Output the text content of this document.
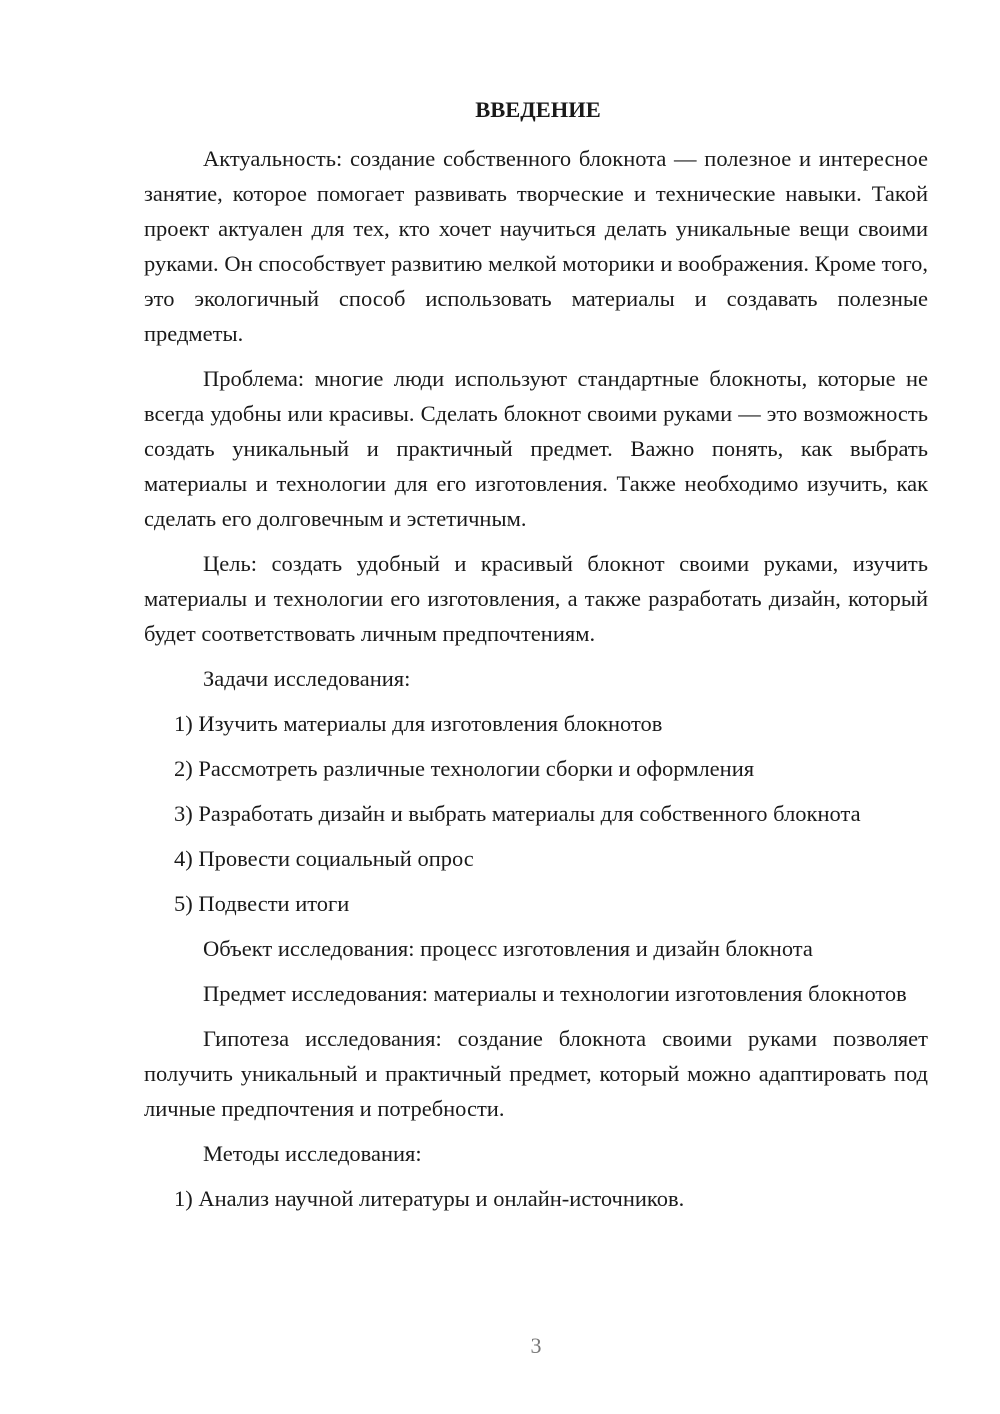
ВВЕДЕНИЕ

Актуальность: создание собственного блокнота — полезное и интересное занятие, которое помогает развивать творческие и технические навыки. Такой проект актуален для тех, кто хочет научиться делать уникальные вещи своими руками. Он способствует развитию мелкой моторики и воображения. Кроме того, это экологичный способ использовать материалы и создавать полезные предметы.

Проблема: многие люди используют стандартные блокноты, которые не всегда удобны или красивы. Сделать блокнот своими руками — это возможность создать уникальный и практичный предмет. Важно понять, как выбрать материалы и технологии для его изготовления. Также необходимо изучить, как сделать его долговечным и эстетичным.

Цель: создать удобный и красивый блокнот своими руками, изучить материалы и технологии его изготовления, а также разработать дизайн, который будет соответствовать личным предпочтениям.

Задачи исследования:

1) Изучить материалы для изготовления блокнотов

2) Рассмотреть различные технологии сборки и оформления

3) Разработать дизайн и выбрать материалы для собственного блокнота

4) Провести социальный опрос

5) Подвести итоги

Объект исследования: процесс изготовления и дизайн блокнота

Предмет исследования: материалы и технологии изготовления блокнотов

Гипотеза исследования: создание блокнота своими руками позволяет получить уникальный и практичный предмет, который можно адаптировать под личные предпочтения и потребности.

Методы исследования:

1) Анализ научной литературы и онлайн-источников.

3
